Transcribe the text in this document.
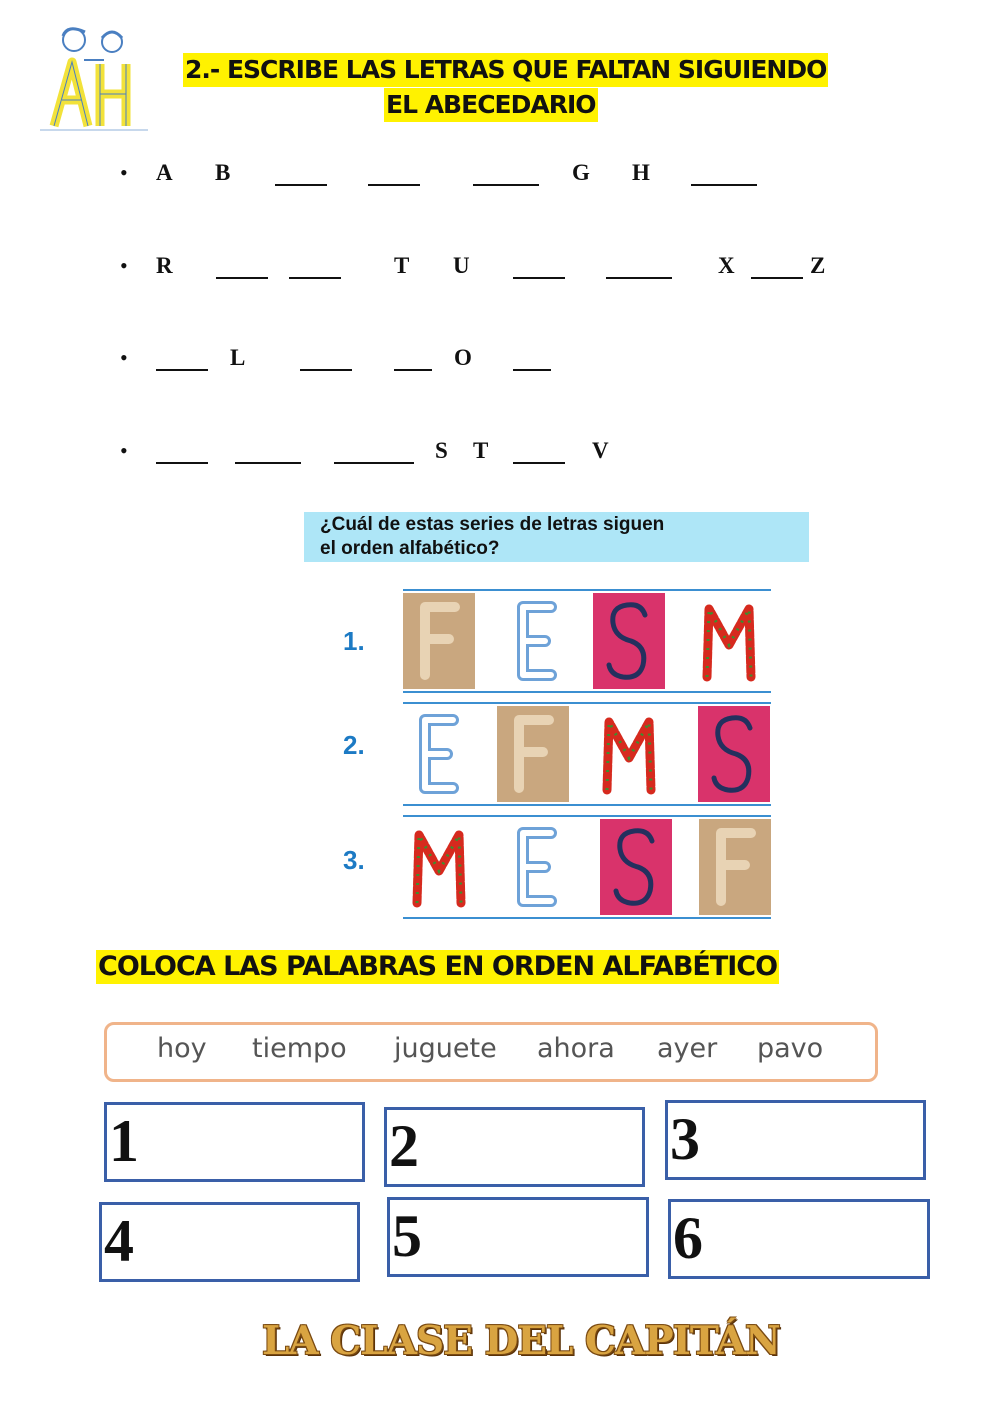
2.- ESCRIBE LAS LETRAS QUE FALTAN SIGUIENDO
EL ABECEDARIO
• A B	G H
• R	T U	X	Z
•	L	O
•	S T	V
¿Cuál de estas series de letras siguen
el orden alfabético?
1.
2.
3.
COLOCA LAS PALABRAS EN ORDEN ALFABÉTICO
hoy tiempo juguete ahora ayer pavo
1	2	3
4	5	6
LA CLASE DEL CAPITÁN
